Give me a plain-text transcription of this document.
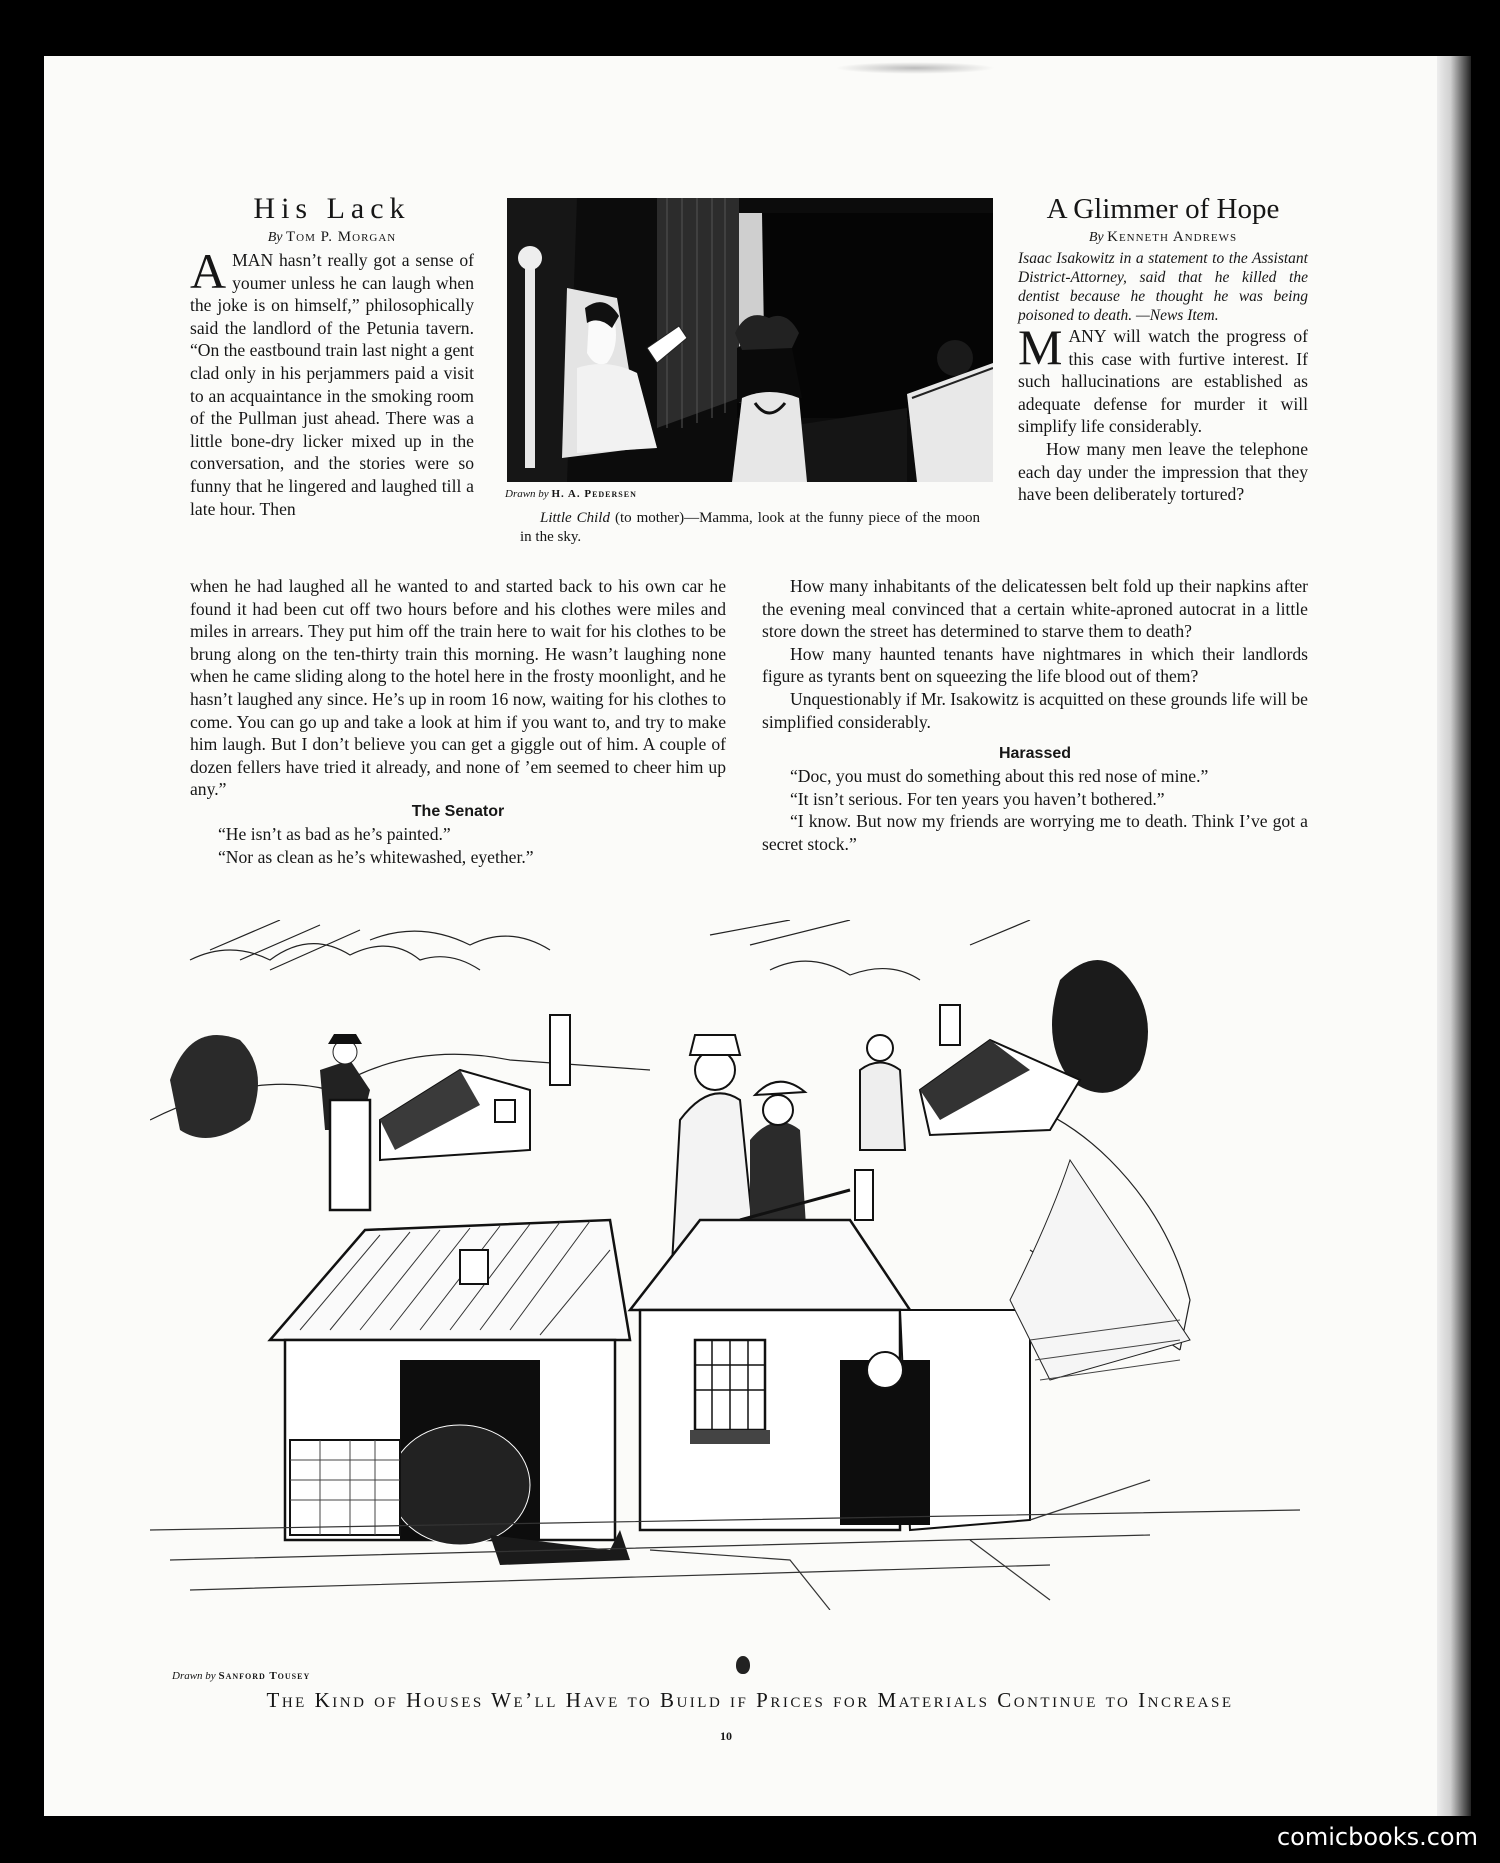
His Lack

By Tom P. Morgan

A MAN hasn’t really got a sense of youmer unless he can laugh when the joke is on himself,” philosophically said the landlord of the Petunia tavern. “On the eastbound train last night a gent clad only in his perjammers paid a visit to an acquaintance in the smoking room of the Pullman just ahead. There was a little bone-dry licker mixed up in the conversation, and the stories were so funny that he lingered and laughed till a late hour. Then

when he had laughed all he wanted to and started back to his own car he found it had been cut off two hours before and his clothes were miles and miles in arrears. They put him off the train here to wait for his clothes to be brung along on the ten-thirty train this morning. He wasn’t laughing none when he came sliding along to the hotel here in the frosty moonlight, and he hasn’t laughed any since. He’s up in room 16 now, waiting for his clothes to come. You can go up and take a look at him if you want to, and try to make him laugh. But I don’t believe you can get a giggle out of him. A couple of dozen fellers have tried it already, and none of ’em seemed to cheer him up any.”

The Senator

“He isn’t as bad as he’s painted.”

“Nor as clean as he’s whitewashed, eyether.”

Drawn by H. A. Pedersen
Little Child (to mother)—Mamma, look at the funny piece of the moon in the sky.

A Glimmer of Hope

By Kenneth Andrews

Isaac Isakowitz in a statement to the Assistant District-Attorney, said that he killed the dentist because he thought he was being poisoned to death. —News Item.

MANY will watch the progress of this case with furtive interest. If such hallucinations are established as adequate defense for murder it will simplify life considerably.

How many men leave the telephone each day under the impression that they have been deliberately tortured?

How many inhabitants of the delicatessen belt fold up their napkins after the evening meal convinced that a certain white-aproned autocrat in a little store down the street has determined to starve them to death?

How many haunted tenants have nightmares in which their landlords figure as tyrants bent on squeezing the life blood out of them?

Unquestionably if Mr. Isakowitz is acquitted on these grounds life will be simplified considerably.

Harassed

“Doc, you must do something about this red nose of mine.”

“It isn’t serious. For ten years you haven’t bothered.”

“I know. But now my friends are worrying me to death. Think I’ve got a secret stock.”

Drawn by Sanford Tousey
The Kind of Houses We’ll Have to Build if Prices for Materials Continue to Increase
10
comicbooks.com
